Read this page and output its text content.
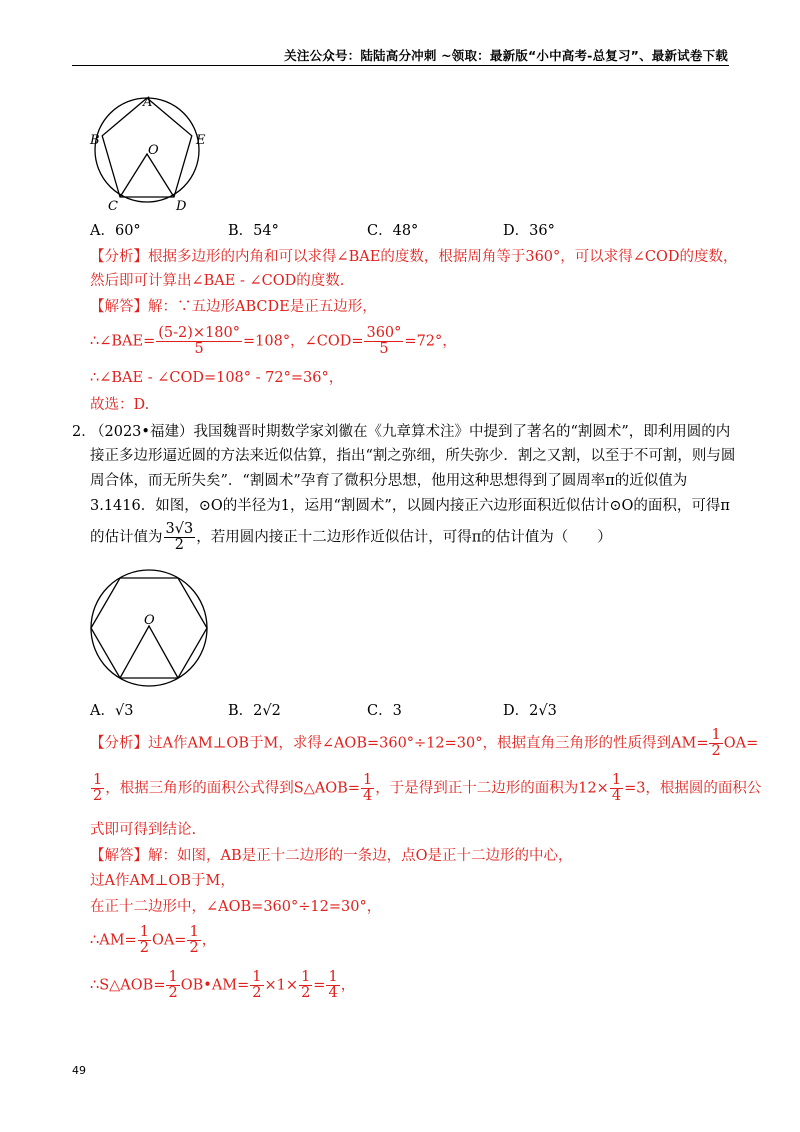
关注公众号：陆陆高分冲刺 ~领取：最新版“小中高考-总复习”、最新试卷下载
A
B	E
C	D
O
A．60°	B．54°	C．48°	D．36°
【分析】根据多边形的内角和可以求得∠BAE的度数，根据周角等于360°，可以求得∠COD的度数，
然后即可计算出∠BAE - ∠COD的度数.
【解答】解：∵五边形ABCDE是正五边形，
∴∠BAE= $\frac{(5-2)\times 180^\circ}{5} =108^\circ$，∠COD= $\frac{360^\circ}{5} =72^\circ$，
∴∠BAE - ∠COD=108° - 72°=36°，
故选：D.
2．
（2023•福建）我国魏晋时期数学家刘徽在《九章算术注》中提到了著名的“割圆术”，即利用圆的内
接正多边形逼近圆的方法来近似估算，指出“割之弥细，所失弥少．割之又割，以至于不可割，则与圆
周合体，而无所失矣”．“割圆术”孕育了微积分思想，他用这种思想得到了圆周率π的近似值为
3.1416．如图，⊙O的半径为1，运用“割圆术”，以圆内接正六边形面积近似估计⊙O的面积，可得π
的估计值为 $\frac{3√3}{2}$ ，若用圆内接正十二边形作近似估计，可得π的估计值为（　　）
O
A．√3	B．2√2	C．3	D．2√3
【分析】过A作AM⊥OB于M，求得∠AOB=360°÷12=30°，根据直角三角形的性质得到$AM= \frac{1}{2} OA=$
$\frac{1}{2}$ ，根据三角形的面积公式得到S△AOB= $\frac{1}{4}$ ，于是得到正十二边形的面积为$12\times \frac{1}{4} =3$，根据圆的面积公
式即可得到结论.
【解答】解：如图，AB是正十二边形的一条边，点O是正十二边形的中心，
过A作AM⊥OB于M，
在正十二边形中，∠AOB=360°÷12=30°，
∴AM= $\frac{1}{2} OA= \frac{1}{2}$ ，
∴S△AOB= $\frac{1}{2}$ OB•AM= $\frac{1}{2} \times 1\times \frac{1}{2} = \frac{1}{4}$ ，
49
